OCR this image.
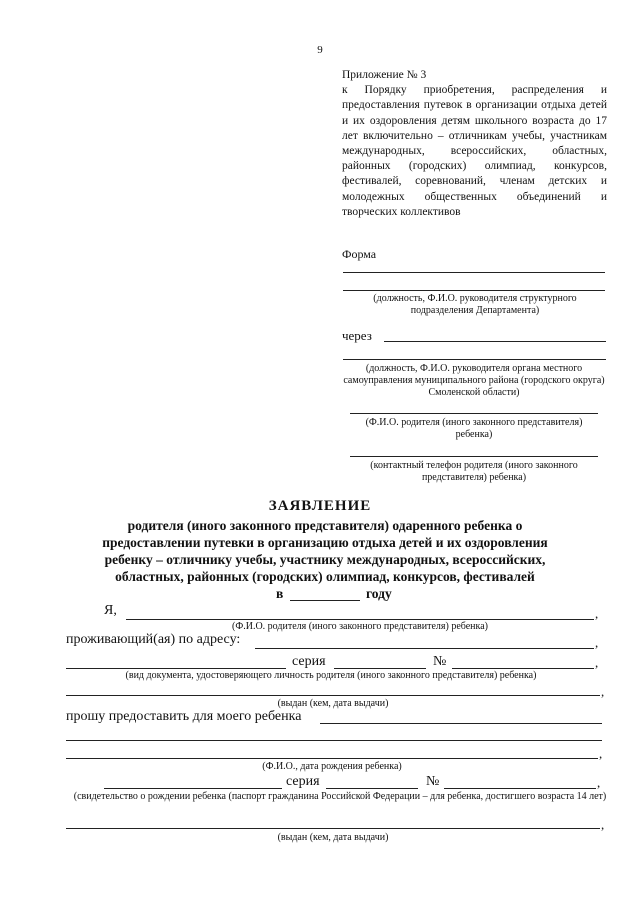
9
Приложение № 3
к Порядку приобретения, распределения и предоставления путевок в организации отдыха детей и их оздоровления детям школьного возраста до 17 лет включительно – отличникам учебы, участникам международных, всероссийских, областных, районных (городских) олимпиад, конкурсов, фестивалей, соревнований, членам детских и молодежных общественных объединений и творческих коллективов
Форма
(должность, Ф.И.О. руководителя структурного подразделения Департамента)
через
(должность, Ф.И.О. руководителя органа местного самоуправления муниципального района (городского округа) Смоленской области)
(Ф.И.О. родителя (иного законного представителя) ребенка)
(контактный телефон родителя (иного законного представителя) ребенка)
ЗАЯВЛЕНИЕ
родителя (иного законного представителя) одаренного ребенка о предоставлении путевки в организацию отдыха детей и их оздоровления ребенку – отличнику учебы, участнику международных, всероссийских, областных, районных (городских) олимпиад, конкурсов, фестивалей
в	году
Я,	,
(Ф.И.О. родителя (иного законного представителя) ребенка)
проживающий(ая) по адресу:	,
серия	№	,
(вид документа, удостоверяющего личность родителя (иного законного представителя) ребенка)
,
(выдан (кем, дата выдачи)
прошу предоставить для моего ребенка
,
(Ф.И.О., дата рождения ребенка)
серия	№	,
(свидетельство о рождении ребенка (паспорт гражданина Российской Федерации – для ребенка, достигшего возраста 14 лет)
,
(выдан (кем, дата выдачи)
